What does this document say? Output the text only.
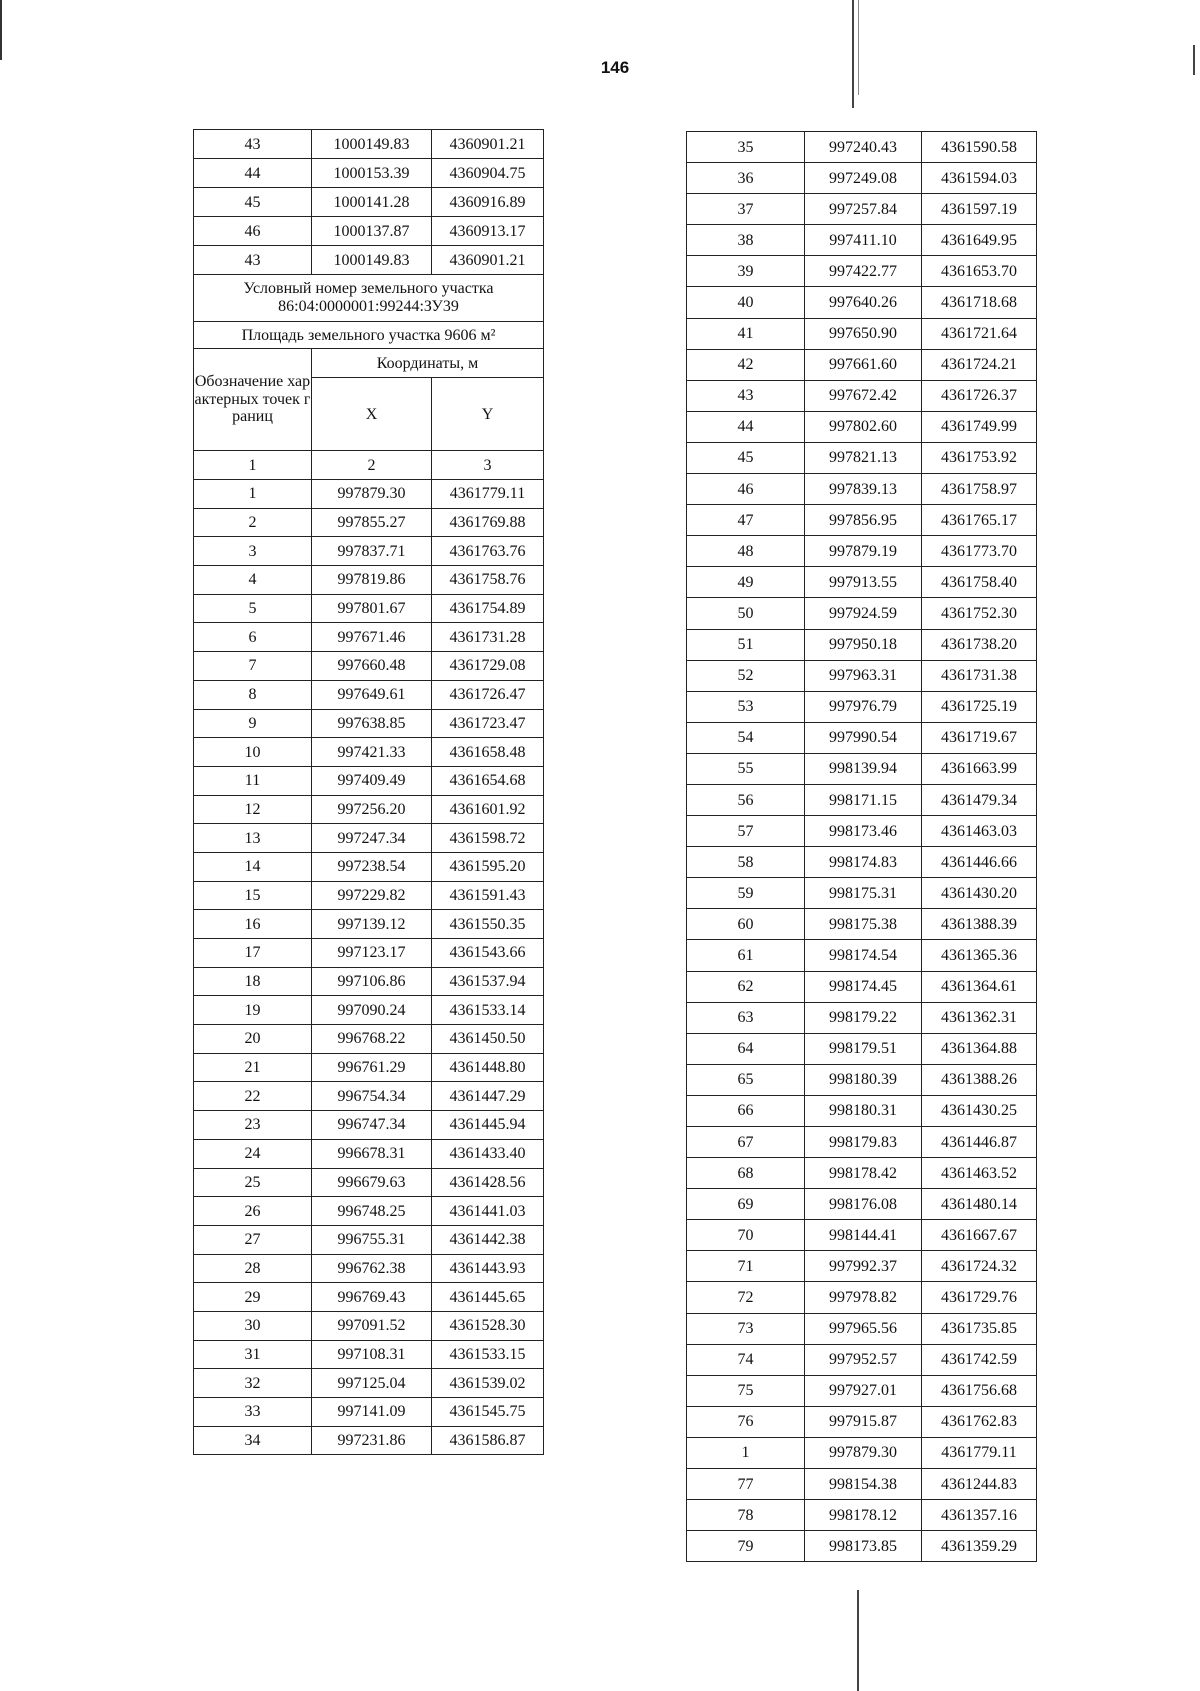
146
43	1000149.83	4360901.21
44	1000153.39	4360904.75
45	1000141.28	4360916.89
46	1000137.87	4360913.17
43	1000149.83	4360901.21
Условный номер земельного участка 86:04:0000001:99244:ЗУ39		
Площадь земельного участка 9606 м²		
Обозначение характерных точек границ	Координаты, м	
	X	Y
1	2	3
1	997879.30	4361779.11
2	997855.27	4361769.88
3	997837.71	4361763.76
4	997819.86	4361758.76
5	997801.67	4361754.89
6	997671.46	4361731.28
7	997660.48	4361729.08
8	997649.61	4361726.47
9	997638.85	4361723.47
10	997421.33	4361658.48
11	997409.49	4361654.68
12	997256.20	4361601.92
13	997247.34	4361598.72
14	997238.54	4361595.20
15	997229.82	4361591.43
16	997139.12	4361550.35
17	997123.17	4361543.66
18	997106.86	4361537.94
19	997090.24	4361533.14
20	996768.22	4361450.50
21	996761.29	4361448.80
22	996754.34	4361447.29
23	996747.34	4361445.94
24	996678.31	4361433.40
25	996679.63	4361428.56
26	996748.25	4361441.03
27	996755.31	4361442.38
28	996762.38	4361443.93
29	996769.43	4361445.65
30	997091.52	4361528.30
31	997108.31	4361533.15
32	997125.04	4361539.02
33	997141.09	4361545.75
34	997231.86	4361586.87
35	997240.43	4361590.58
36	997249.08	4361594.03
37	997257.84	4361597.19
38	997411.10	4361649.95
39	997422.77	4361653.70
40	997640.26	4361718.68
41	997650.90	4361721.64
42	997661.60	4361724.21
43	997672.42	4361726.37
44	997802.60	4361749.99
45	997821.13	4361753.92
46	997839.13	4361758.97
47	997856.95	4361765.17
48	997879.19	4361773.70
49	997913.55	4361758.40
50	997924.59	4361752.30
51	997950.18	4361738.20
52	997963.31	4361731.38
53	997976.79	4361725.19
54	997990.54	4361719.67
55	998139.94	4361663.99
56	998171.15	4361479.34
57	998173.46	4361463.03
58	998174.83	4361446.66
59	998175.31	4361430.20
60	998175.38	4361388.39
61	998174.54	4361365.36
62	998174.45	4361364.61
63	998179.22	4361362.31
64	998179.51	4361364.88
65	998180.39	4361388.26
66	998180.31	4361430.25
67	998179.83	4361446.87
68	998178.42	4361463.52
69	998176.08	4361480.14
70	998144.41	4361667.67
71	997992.37	4361724.32
72	997978.82	4361729.76
73	997965.56	4361735.85
74	997952.57	4361742.59
75	997927.01	4361756.68
76	997915.87	4361762.83
1	997879.30	4361779.11
77	998154.38	4361244.83
78	998178.12	4361357.16
79	998173.85	4361359.29
